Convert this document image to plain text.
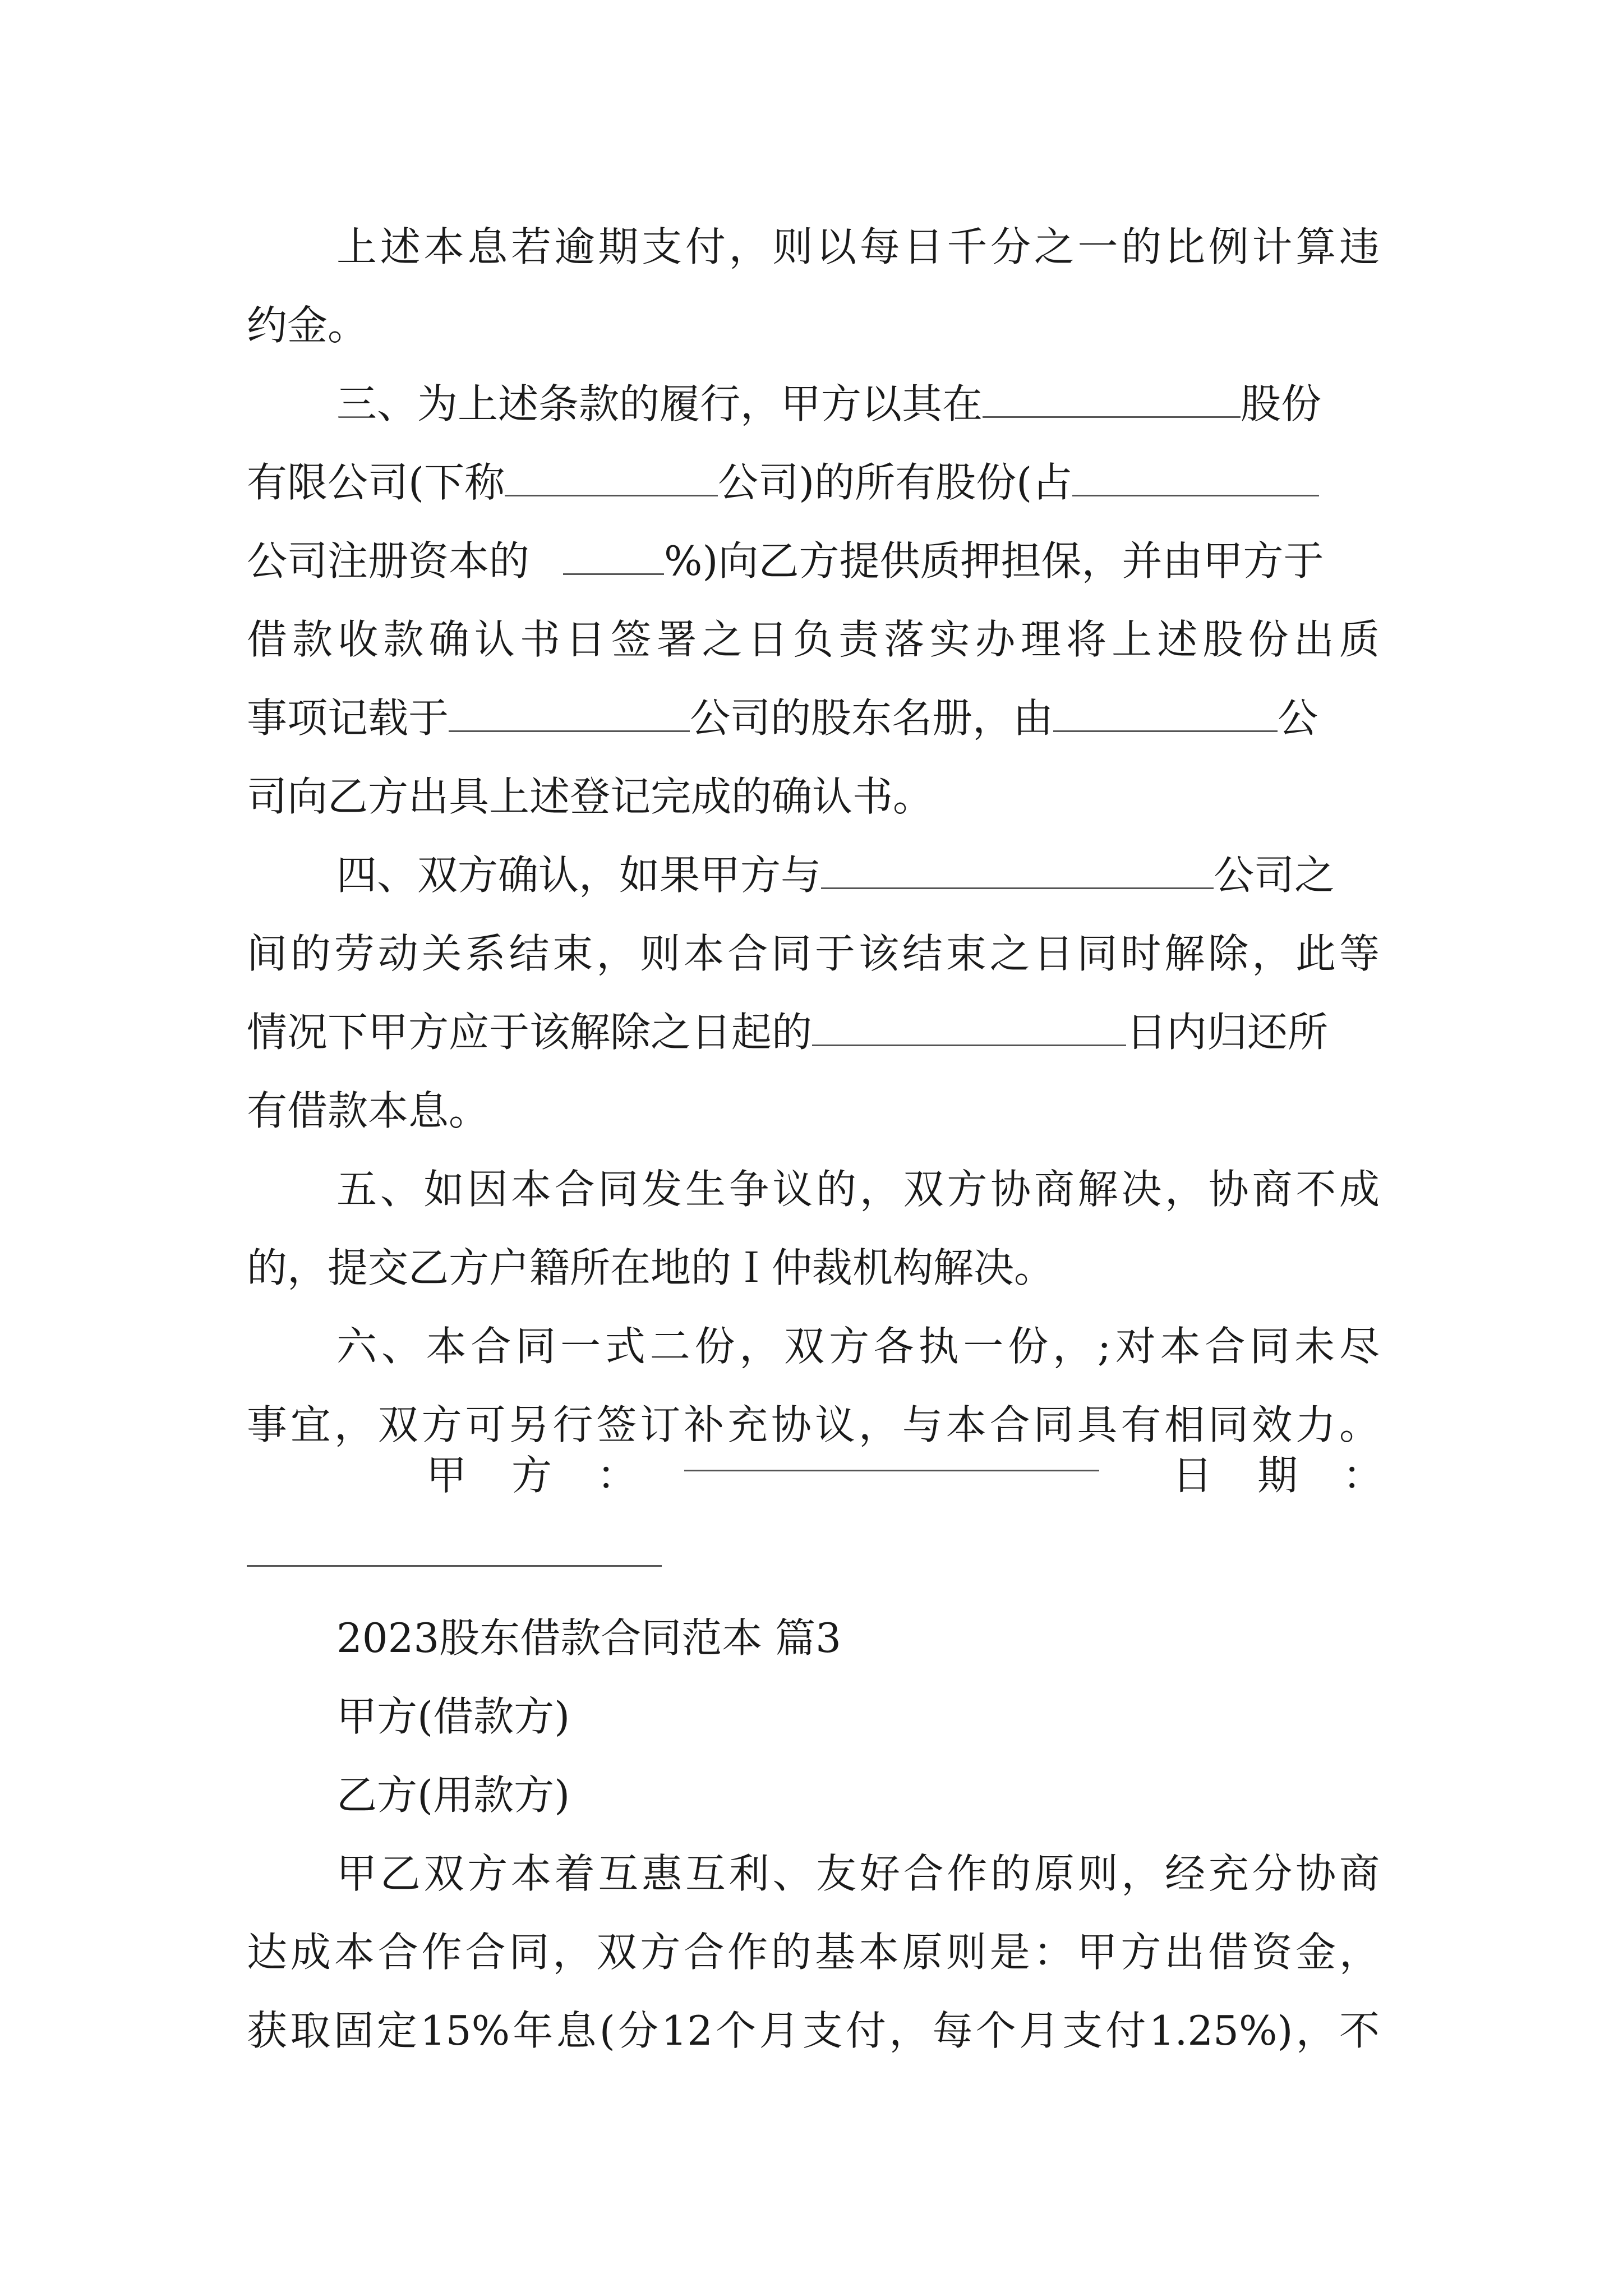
上述本息若逾期支付，则以每日千分之一的比例计算违
约金。
三、为上述条款的履行，甲方以其在	股份
有限公司(下称	公司)的所有股份(占
公司注册资本的	%)向乙方提供质押担保，并由甲方于
借款收款确认书日签署之日负责落实办理将上述股份出质
事项记载于	公司的股东名册，由	公
司向乙方出具上述登记完成的确认书。
四、双方确认，如果甲方与	公司之
间的劳动关系结束，则本合同于该结束之日同时解除，此等
情况下甲方应于该解除之日起的	日内归还所
有借款本息。
五、如因本合同发生争议的，双方协商解决，协商不成
的，提交乙方户籍所在地的Ｉ仲裁机构解决。
六、本合同一式二份，双方各执一份，;对本合同未尽
事宜，双方可另行签订补充协议，与本合同具有相同效力。
甲方：	日期：
2023股东借款合同范本 篇3
甲方(借款方)
乙方(用款方)
甲乙双方本着互惠互利、友好合作的原则，经充分协商
达成本合作合同，双方合作的基本原则是：甲方出借资金，
获取固定15%年息(分12个月支付，每个月支付1.25%)，不
